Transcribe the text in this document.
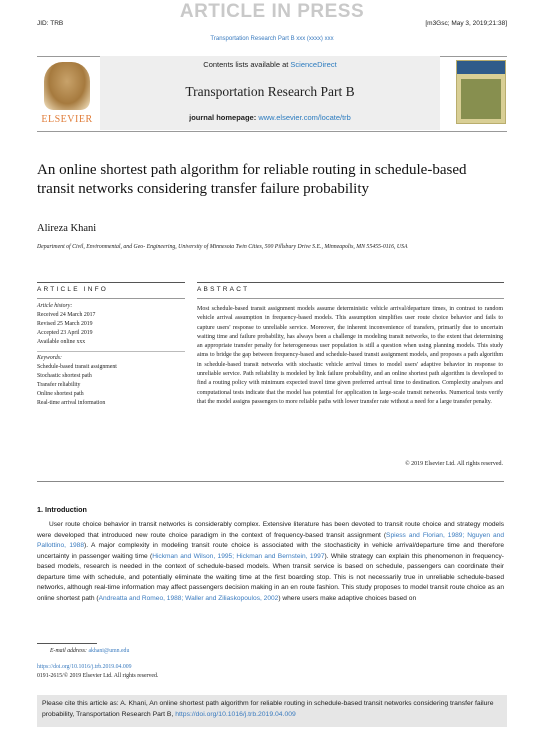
ARTICLE IN PRESS
JID: TRB	[m3Gsc; May 3, 2019;21:38]
Transportation Research Part B xxx (xxxx) xxx
ELSEVIER
Contents lists available at ScienceDirect
Transportation Research Part B
journal homepage: www.elsevier.com/locate/trb
An online shortest path algorithm for reliable routing in schedule-based transit networks considering transfer failure probability
Alireza Khani
Department of Civil, Environmental, and Geo- Engineering, University of Minnesota Twin Cities, 500 Pillsbury Drive S.E., Minneapolis, MN 55455-0116, USA
ARTICLE INFO
Article history:
Received 24 March 2017
Revised 25 March 2019
Accepted 23 April 2019
Available online xxx
Keywords:
Schedule-based transit assignment
Stochastic shortest path
Transfer reliability
Online shortest path
Real-time arrival information
ABSTRACT
Most schedule-based transit assignment models assume deterministic vehicle arrival/departure times, in contrast to random vehicle arrival assumption in frequency-based models. This assumption simplifies user route choice behavior and fails to capture users' response to unreliable service. Moreover, the inherent inconvenience of transfers, primarily due to uncertain waiting time and failure probability, has always been a challenge in modeling transit networks, to the extent that determining an appropriate transfer penalty for heterogeneous user population is still a question when using planning models. This study aims to bridge the gap between frequency-based and schedule-based transit assignment models, and proposes a path algorithm in schedule-based transit networks with stochastic vehicle arrival times to model users' adaptive behavior in response to unreliable service. Path reliability is modeled by link failure probability, and an online shortest path algorithm is developed to find a routing policy with minimum expected travel time given preferred arrival time to destination. Complexity analyses and computational tests indicate that the model has potential for application in large-scale transit networks. Numerical tests verify that the model assigns passengers to more reliable paths with lower transfer rate without a need for a large transfer penalty.
© 2019 Elsevier Ltd. All rights reserved.
1. Introduction
User route choice behavior in transit networks is considerably complex. Extensive literature has been devoted to transit route choice and strategy models were developed that introduced new route choice paradigm in the context of frequency-based transit assignment (Spiess and Florian, 1989; Nguyen and Pallottino, 1988). A major complexity in modeling transit route choice is associated with the stochasticity in vehicle arrival/departure time and therefore uncertainty in passenger waiting time (Hickman and Wilson, 1995; Hickman and Bernstein, 1997). While strategy can explain this phenomenon in frequency-based models, research is needed in the context of schedule-based models. When transit service is based on schedule, passengers can coordinate their departure time with schedule, and potentially eliminate the waiting time at the first boarding stop. This is not necessarily true in unreliable schedule-based networks, although real-time information may affect passengers decision making in an en route fashion. This study proposes to model transit route choice as an online shortest path (Andreatta and Romeo, 1988; Waller and Ziliaskopoulos, 2002) where users make adaptive choices based on
E-mail address: akhani@umn.edu
https://doi.org/10.1016/j.trb.2019.04.009
0191-2615/© 2019 Elsevier Ltd. All rights reserved.
Please cite this article as: A. Khani, An online shortest path algorithm for reliable routing in schedule-based transit networks considering transfer failure probability, Transportation Research Part B, https://doi.org/10.1016/j.trb.2019.04.009
